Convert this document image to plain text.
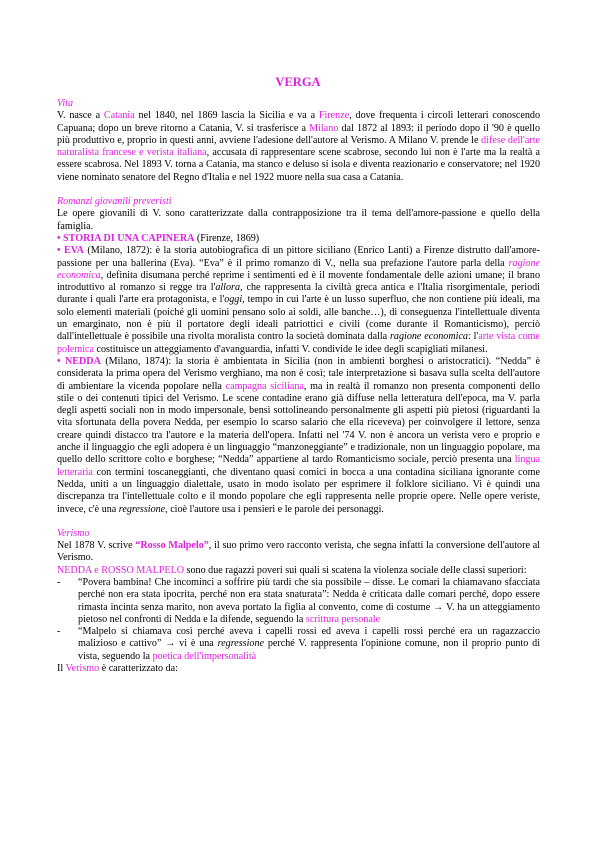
VERGA
Vita

V. nasce a Catania nel 1840, nel 1869 lascia la Sicilia e va a Firenze, dove frequenta i circoli letterari conoscendo Capuana; dopo un breve ritorno a Catania, V. si trasferisce a Milano dal 1872 al 1893: il periodo dopo il '90 è quello più produttivo e, proprio in questi anni, avviene l'adesione dell'autore al Verismo. A Milano V. prende le difese dell'arte naturalista francese e verista italiana, accusata di rappresentare scene scabrose, secondo lui non è l'arte ma la realtà a essere scabrosa. Nel 1893 V. torna a Catania, ma stanco e deluso si isola e diventa reazionario e conservatore; nel 1920 viene nominato senatore del Regno d'Italia e nel 1922 muore nella sua casa a Catania.

Romanzi giovanili preveristi

Le opere giovanili di V. sono caratterizzate dalla contrapposizione tra il tema dell'amore-passione e quello della famiglia.

• STORIA DI UNA CAPINERA (Firenze, 1869)

• EVA (Milano, 1872): è la storia autobiografica di un pittore siciliano (Enrico Lanti) a Firenze distrutto dall'amore-passione per una ballerina (Eva). “Eva” è il primo romanzo di V., nella sua prefazione l'autore parla della ragione economica, definita disumana perché reprime i sentimenti ed è il movente fondamentale delle azioni umane; il brano introduttivo al romanzo si regge tra l'allora, che rappresenta la civiltà greca antica e l'Italia risorgimentale, periodi durante i quali l'arte era protagonista, e l'oggi, tempo in cui l'arte è un lusso superfluo, che non contiene più ideali, ma solo elementi materiali (poiché gli uomini pensano solo ai soldi, alle banche…), di conseguenza l'intellettuale diventa un emarginato, non è più il portatore degli ideali patriottici e civili (come durante il Romanticismo), perciò dall'intellettuale è possibile una rivolta moralista contro la società dominata dalla ragione economica: l'arte vista come polemica costituisce un atteggiamento d'avanguardia, infatti V. condivide le idee degli scapigliati milanesi.

• NEDDA (Milano, 1874): la storia è ambientata in Sicilia (non in ambienti borghesi o aristocratici). “Nedda” è considerata la prima opera del Verismo verghiano, ma non è così; tale interpretazione si basava sulla scelta dell'autore di ambientare la vicenda popolare nella campagna siciliana, ma in realtà il romanzo non presenta componenti dello stile o dei contenuti tipici del Verismo. Le scene contadine erano già diffuse nella letteratura dell'epoca, ma V. parla degli aspetti sociali non in modo impersonale, bensì sottolineando personalmente gli aspetti più pietosi (riguardanti la vita sfortunata della povera Nedda, per esempio lo scarso salario che ella riceveva) per coinvolgere il lettore, senza creare quindi distacco tra l'autore e la materia dell'opera. Infatti nel '74 V. non è ancora un verista vero e proprio e anche il linguaggio che egli adopera è un linguaggio “manzoneggiante” e tradizionale, non un linguaggio popolare, ma quello dello scrittore colto e borghese; “Nedda” appartiene al tardo Romanticismo sociale, perciò presenta una lingua letteraria con termini toscaneggianti, che diventano quasi comici in bocca a una contadina siciliana ignorante come Nedda, uniti a un linguaggio dialettale, usato in modo isolato per esprimere il folklore siciliano. Vi è quindi una discrepanza tra l'intellettuale colto e il mondo popolare che egli rappresenta nelle proprie opere. Nelle opere veriste, invece, c'è una regressione, cioè l'autore usa i pensieri e le parole dei personaggi.

Verismo

Nel 1878 V. scrive “Rosso Malpelo”, il suo primo vero racconto verista, che segna infatti la conversione dell'autore al Verismo.

NEDDA e ROSSO MALPELO sono due ragazzi poveri sui quali si scatena la violenza sociale delle classi superiori:

- “Povera bambina! Che incominci a soffrire più tardi che sia possibile – disse. Le comari la chiamavano sfacciata perché non era stata ipocrita, perché non era stata snaturata”: Nedda è criticata dalle comari perché, dopo essere rimasta incinta senza marito, non aveva portato la figlia al convento, come di costume → V. ha un atteggiamento pietoso nel confronti di Nedda e la difende, seguendo la scrittura personale
- “Malpelo si chiamava così perché aveva i capelli rossi ed aveva i capelli rossi perché era un ragazzaccio malizioso e cattivo” → vi è una regressione perché V. rappresenta l'opinione comune, non il proprio punto di vista, seguendo la poetica dell'impersonalità

Il Verismo è caratterizzato da:
